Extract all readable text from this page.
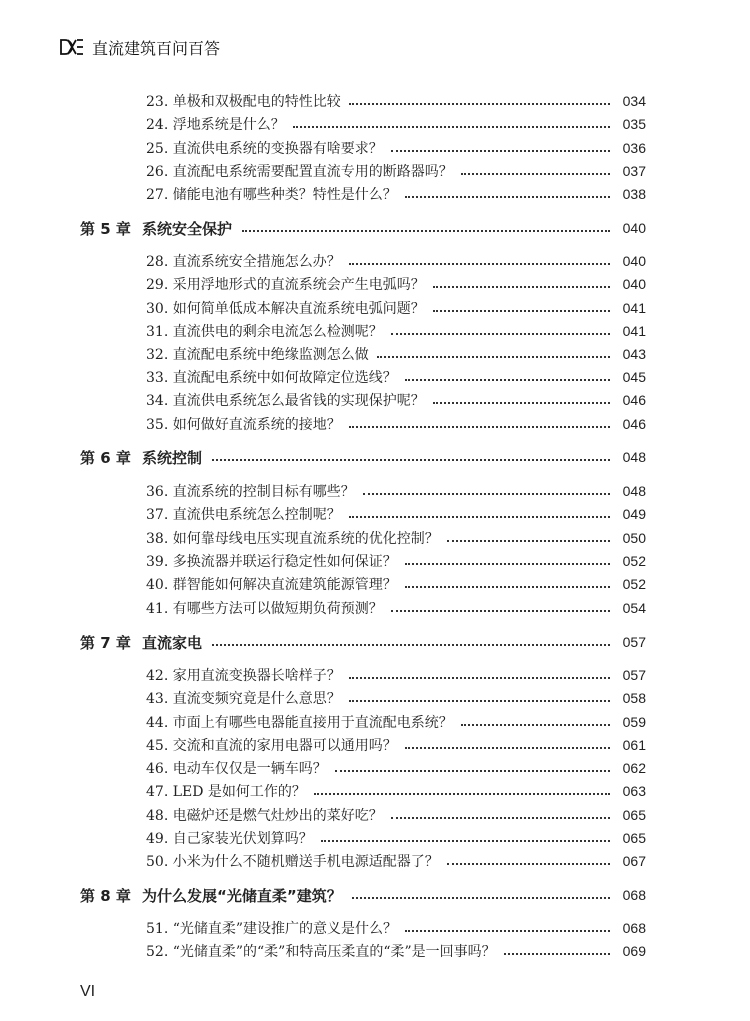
直流建筑百问百答
23. 单极和双极配电的特性比较	034
24. 浮地系统是什么？	035
25. 直流供电系统的变换器有啥要求？	036
26. 直流配电系统需要配置直流专用的断路器吗？	037
27. 储能电池有哪些种类？特性是什么？	038
第 5 章 系统安全保护	040
28. 直流系统安全措施怎么办？	040
29. 采用浮地形式的直流系统会产生电弧吗？	040
30. 如何简单低成本解决直流系统电弧问题？	041
31. 直流供电的剩余电流怎么检测呢？	041
32. 直流配电系统中绝缘监测怎么做	043
33. 直流配电系统中如何故障定位选线？	045
34. 直流供电系统怎么最省钱的实现保护呢？	046
35. 如何做好直流系统的接地？	046
第 6 章 系统控制	048
36. 直流系统的控制目标有哪些？	048
37. 直流供电系统怎么控制呢？	049
38. 如何靠母线电压实现直流系统的优化控制？	050
39. 多换流器并联运行稳定性如何保证？	052
40. 群智能如何解决直流建筑能源管理？	052
41. 有哪些方法可以做短期负荷预测？	054
第 7 章 直流家电	057
42. 家用直流变换器长啥样子？	057
43. 直流变频究竟是什么意思？	058
44. 市面上有哪些电器能直接用于直流配电系统？	059
45. 交流和直流的家用电器可以通用吗？	061
46. 电动车仅仅是一辆车吗？	062
47. LED 是如何工作的？	063
48. 电磁炉还是燃气灶炒出的菜好吃？	065
49. 自己家装光伏划算吗？	065
50. 小米为什么不随机赠送手机电源适配器了？	067
第 8 章 为什么发展“光储直柔”建筑？	068
51. “光储直柔”建设推广的意义是什么？	068
52. “光储直柔”的“柔”和特高压柔直的“柔”是一回事吗？	069
VI
